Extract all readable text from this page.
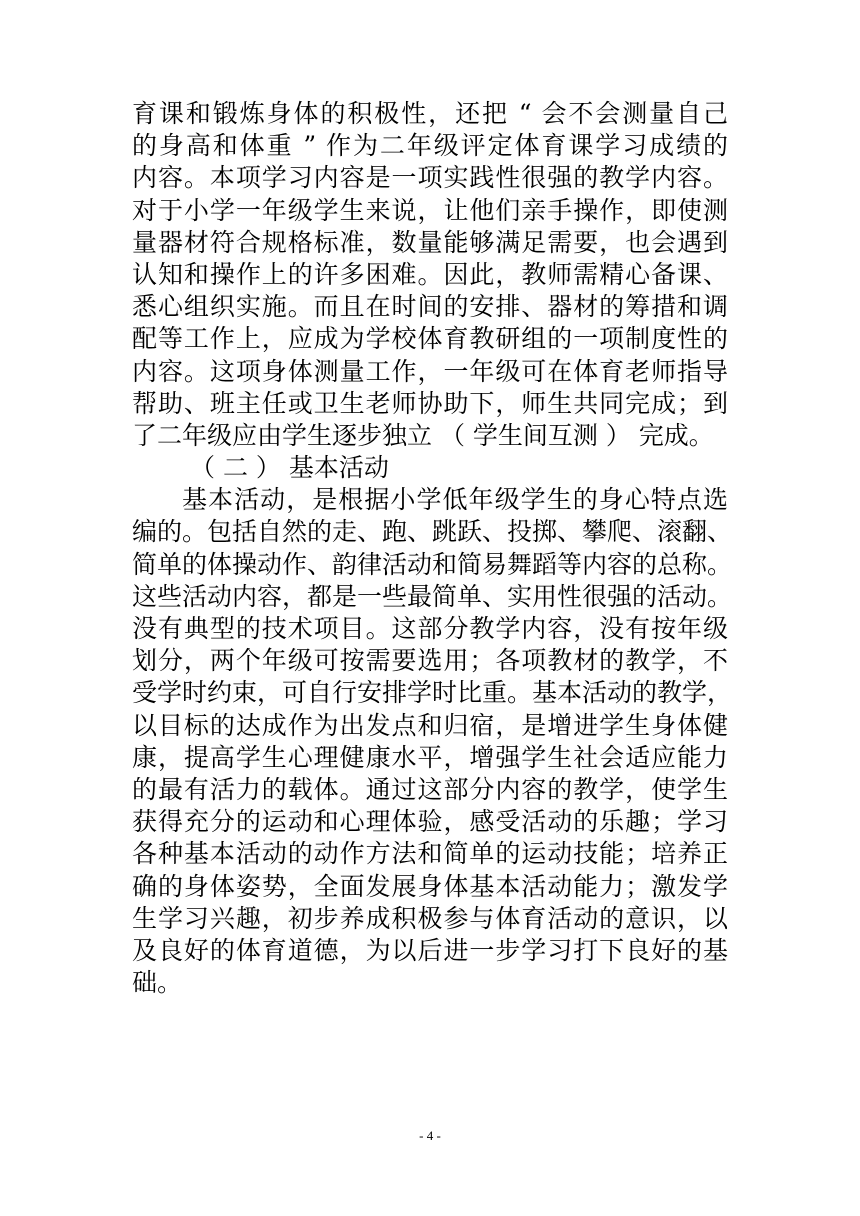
育课和锻炼身体的积极性，还把 “ 会不会测量自己
的身高和体重 ” 作为二年级评定体育课学习成绩的
内容。本项学习内容是一项实践性很强的教学内容。
对于小学一年级学生来说，让他们亲手操作，即使测
量器材符合规格标准，数量能够满足需要，也会遇到
认知和操作上的许多困难。因此，教师需精心备课、
悉心组织实施。而且在时间的安排、器材的筹措和调
配等工作上，应成为学校体育教研组的一项制度性的
内容。这项身体测量工作，一年级可在体育老师指导
帮助、班主任或卫生老师协助下，师生共同完成；到
了二年级应由学生逐步独立 （ 学生间互测 ） 完成。
（ 二 ） 基本活动
基本活动，是根据小学低年级学生的身心特点选
编的。包括自然的走、跑、跳跃、投掷、攀爬、滚翻、
简单的体操动作、韵律活动和简易舞蹈等内容的总称。
这些活动内容，都是一些最简单、实用性很强的活动。
没有典型的技术项目。这部分教学内容，没有按年级
划分，两个年级可按需要选用；各项教材的教学，不
受学时约束，可自行安排学时比重。基本活动的教学，
以目标的达成作为出发点和归宿，是增进学生身体健
康，提高学生心理健康水平，增强学生社会适应能力
的最有活力的载体。通过这部分内容的教学，使学生
获得充分的运动和心理体验，感受活动的乐趣；学习
各种基本活动的动作方法和简单的运动技能；培养正
确的身体姿势，全面发展身体基本活动能力；激发学
生学习兴趣，初步养成积极参与体育活动的意识，以
及良好的体育道德，为以后进一步学习打下良好的基
础。
- 4 -
